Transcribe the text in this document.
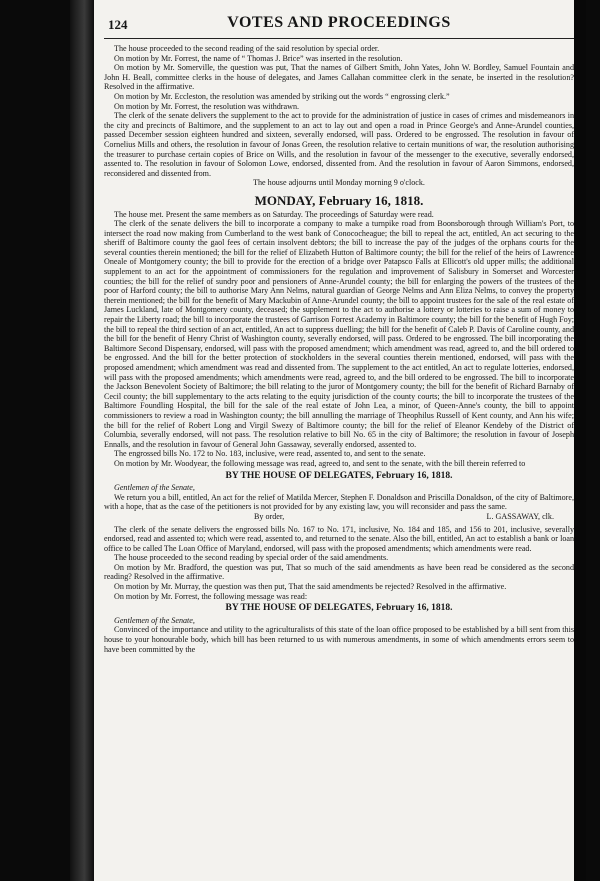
124	VOTES AND PROCEEDINGS

The house proceeded to the second reading of the said resolution by special order.

On motion by Mr. Forrest, the name of “ Thomas J. Brice” was inserted in the resolution.

On motion by Mr. Somerville, the question was put, That the names of Gilbert Smith, John Yates, John W. Bordley, Samuel Fountain and John H. Beall, committee clerks in the house of delegates, and James Callahan committee clerk in the senate, be inserted in the resolution? Resolved in the affirmative.

On motion by Mr. Eccleston, the resolution was amended by striking out the words “ engrossing clerk.”

On motion by Mr. Forrest, the resolution was withdrawn.

The clerk of the senate delivers the supplement to the act to provide for the administration of justice in cases of crimes and misdemeanors in the city and precincts of Baltimore, and the supplement to an act to lay out and open a road in Prince George's and Anne-Arundel counties, passed December session eighteen hundred and sixteen, severally endorsed, will pass. Ordered to be engrossed. The resolution in favour of Cornelius Mills and others, the resolution in favour of Jonas Green, the resolution relative to certain munitions of war, the resolution authorising the treasurer to purchase certain copies of Brice on Wills, and the resolution in favour of the messenger to the executive, severally endorsed, assented to. The resolution in favour of Solomon Lowe, endorsed, dissented from. And the resolution in favour of Aaron Simmons, endorsed, reconsidered and dissented from.

The house adjourns until Monday morning 9 o'clock.

MONDAY, February 16, 1818.

The house met. Present the same members as on Saturday. The proceedings of Saturday were read.

The clerk of the senate delivers the bill to incorporate a company to make a turnpike road from Boonsborough through William's Port, to intersect the road now making from Cumberland to the west bank of Conococheague; the bill to repeal the act, entitled, An act securing to the sheriff of Baltimore county the gaol fees of certain insolvent debtors; the bill to increase the pay of the judges of the orphans courts for the several counties therein mentioned; the bill for the relief of Elizabeth Hutton of Baltimore county; the bill for the relief of the heirs of Lawrence Oneale of Montgomery county; the bill to provide for the erection of a bridge over Patapsco Falls at Ellicott's old upper mills; the additional supplement to an act for the appointment of commissioners for the regulation and improvement of Salisbury in Somerset and Worcester counties; the bill for the relief of sundry poor and pensioners of Anne-Arundel county; the bill for enlarging the powers of the trustees of the poor of Harford county; the bill to authorise Mary Ann Nelms, natural guardian of George Nelms and Ann Eliza Nelms, to convey the property therein mentioned; the bill for the benefit of Mary Mackubin of Anne-Arundel county; the bill to appoint trustees for the sale of the real estate of James Luckland, late of Montgomery county, deceased; the supplement to the act to authorise a lottery or lotteries to raise a sum of money to repair the Liberty road; the bill to incorporate the trustees of Garrison Forrest Academy in Baltimore county; the bill for the benefit of Hugh Foy; the bill to repeal the third section of an act, entitled, An act to suppress duelling; the bill for the benefit of Caleb P. Davis of Caroline county, and the bill for the benefit of Henry Christ of Washington county, severally endorsed, will pass. Ordered to be engrossed. The bill incorporating the Baltimore Second Dispensary, endorsed, will pass with the proposed amendment; which amendment was read, agreed to, and the bill ordered to be engrossed. And the bill for the better protection of stockholders in the several counties therein mentioned, endorsed, will pass with the proposed amendment; which amendment was read and dissented from. The supplement to the act entitled, An act to regulate lotteries, endorsed, will pass with the proposed amendments; which amendments were read, agreed to, and the bill ordered to be engrossed. The bill to incorporate the Jackson Benevolent Society of Baltimore; the bill relating to the juror of Montgomery county; the bill for the benefit of Richard Barnaby of Cecil county; the bill supplementary to the acts relating to the equity jurisdiction of the county courts; the bill to incorporate the trustees of the Baltimore Foundling Hospital, the bill for the sale of the real estate of John Lea, a minor, of Queen-Anne's county, the bill to appoint commissioners to review a road in Washington county; the bill annulling the marriage of Theophilus Russell of Kent county, and Ann his wife; the bill for the relief of Robert Long and Virgil Swezy of Baltimore county; the bill for the relief of Eleanor Kendeby of the District of Columbia, severally endorsed, will not pass. The resolution relative to bill No. 65 in the city of Baltimore; the resolution in favour of Joseph Ennalls, and the resolution in favour of General John Gassaway, severally endorsed, assented to.

The engrossed bills No. 172 to No. 183, inclusive, were read, assented to, and sent to the senate.

On motion by Mr. Woodyear, the following message was read, agreed to, and sent to the senate, with the bill therein referred to

BY THE HOUSE OF DELEGATES, February 16, 1818.

Gentlemen of the Senate,

We return you a bill, entitled, An act for the relief of Matilda Mercer, Stephen F. Donaldson and Priscilla Donaldson, of the city of Baltimore, with a hope, that as the case of the petitioners is not provided for by any existing law, you will reconsider and pass the same.

By order,	L. GASSAWAY, clk.

The clerk of the senate delivers the engrossed bills No. 167 to No. 171, inclusive, No. 184 and 185, and 156 to 201, inclusive, severally endorsed, read and assented to; which were read, assented to, and returned to the senate. Also the bill, entitled, An act to establish a bank or loan office to be called The Loan Office of Maryland, endorsed, will pass with the proposed amendments; which amendments were read.

The house proceeded to the second reading by special order of the said amendments.

On motion by Mr. Bradford, the question was put, That so much of the said amendments as have been read be considered as the second reading? Resolved in the affirmative.

On motion by Mr. Murray, the question was then put, That the said amendments be rejected? Resolved in the affirmative.

On motion by Mr. Forrest, the following message was read:

BY THE HOUSE OF DELEGATES, February 16, 1818.

Gentlemen of the Senate,

Convinced of the importance and utility to the agriculturalists of this state of the loan office proposed to be established by a bill sent from this house to your honourable body, which bill has been returned to us with numerous amendments, in some of which amendments errors seem to have been committed by the
